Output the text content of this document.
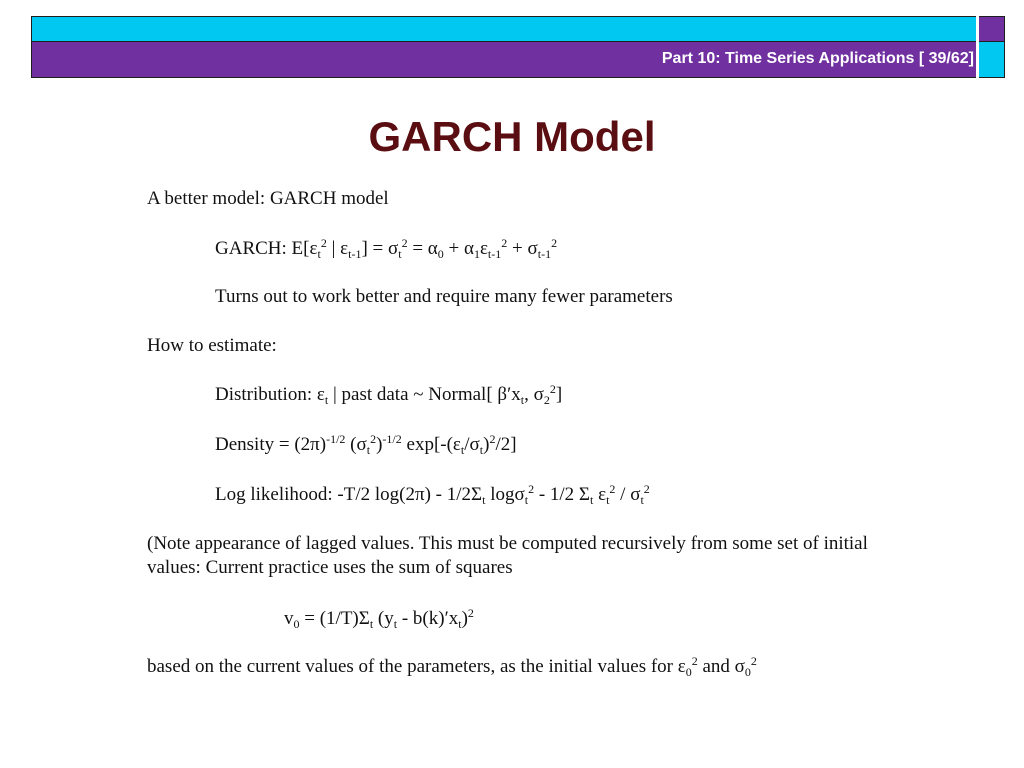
Part 10: Time Series Applications [ 39/62]
GARCH Model
A better model: GARCH model
GARCH: $E[\varepsilon_t^2$ | $\varepsilon_{t-1}] = \sigma_t^2 = \alpha_0 + \alpha_1\varepsilon_{t-1}^2 + \sigma_{t-1}^2$
Turns out to work better and require many fewer parameters
How to estimate:
Distribution: $\varepsilon_t$ | past data ~ Normal[ $\beta'x_t$, $\sigma_2^2$]
Density = $(2\pi)^{-1/2}$ $(\sigma_t^2)^{-1/2}$ $\exp[-(\varepsilon_t/\sigma_t)^2/2]$
Log likelihood: -T/2 $\log(2\pi) - 1/2\Sigma_t$ logσ$_t^2$ - 1/2 $\Sigma_t$ $\varepsilon_t^2 / \sigma_t^2$
(Note appearance of lagged values. This must be computed recursively from some set of initial
values: Current practice uses the sum of squares
$v_0 = (1/T)\Sigma_t$ $(y_t - b(k)'x_t)^2$
based on the current values of the parameters, as the initial values for $\varepsilon_0^2$ and $\sigma_0^2$
